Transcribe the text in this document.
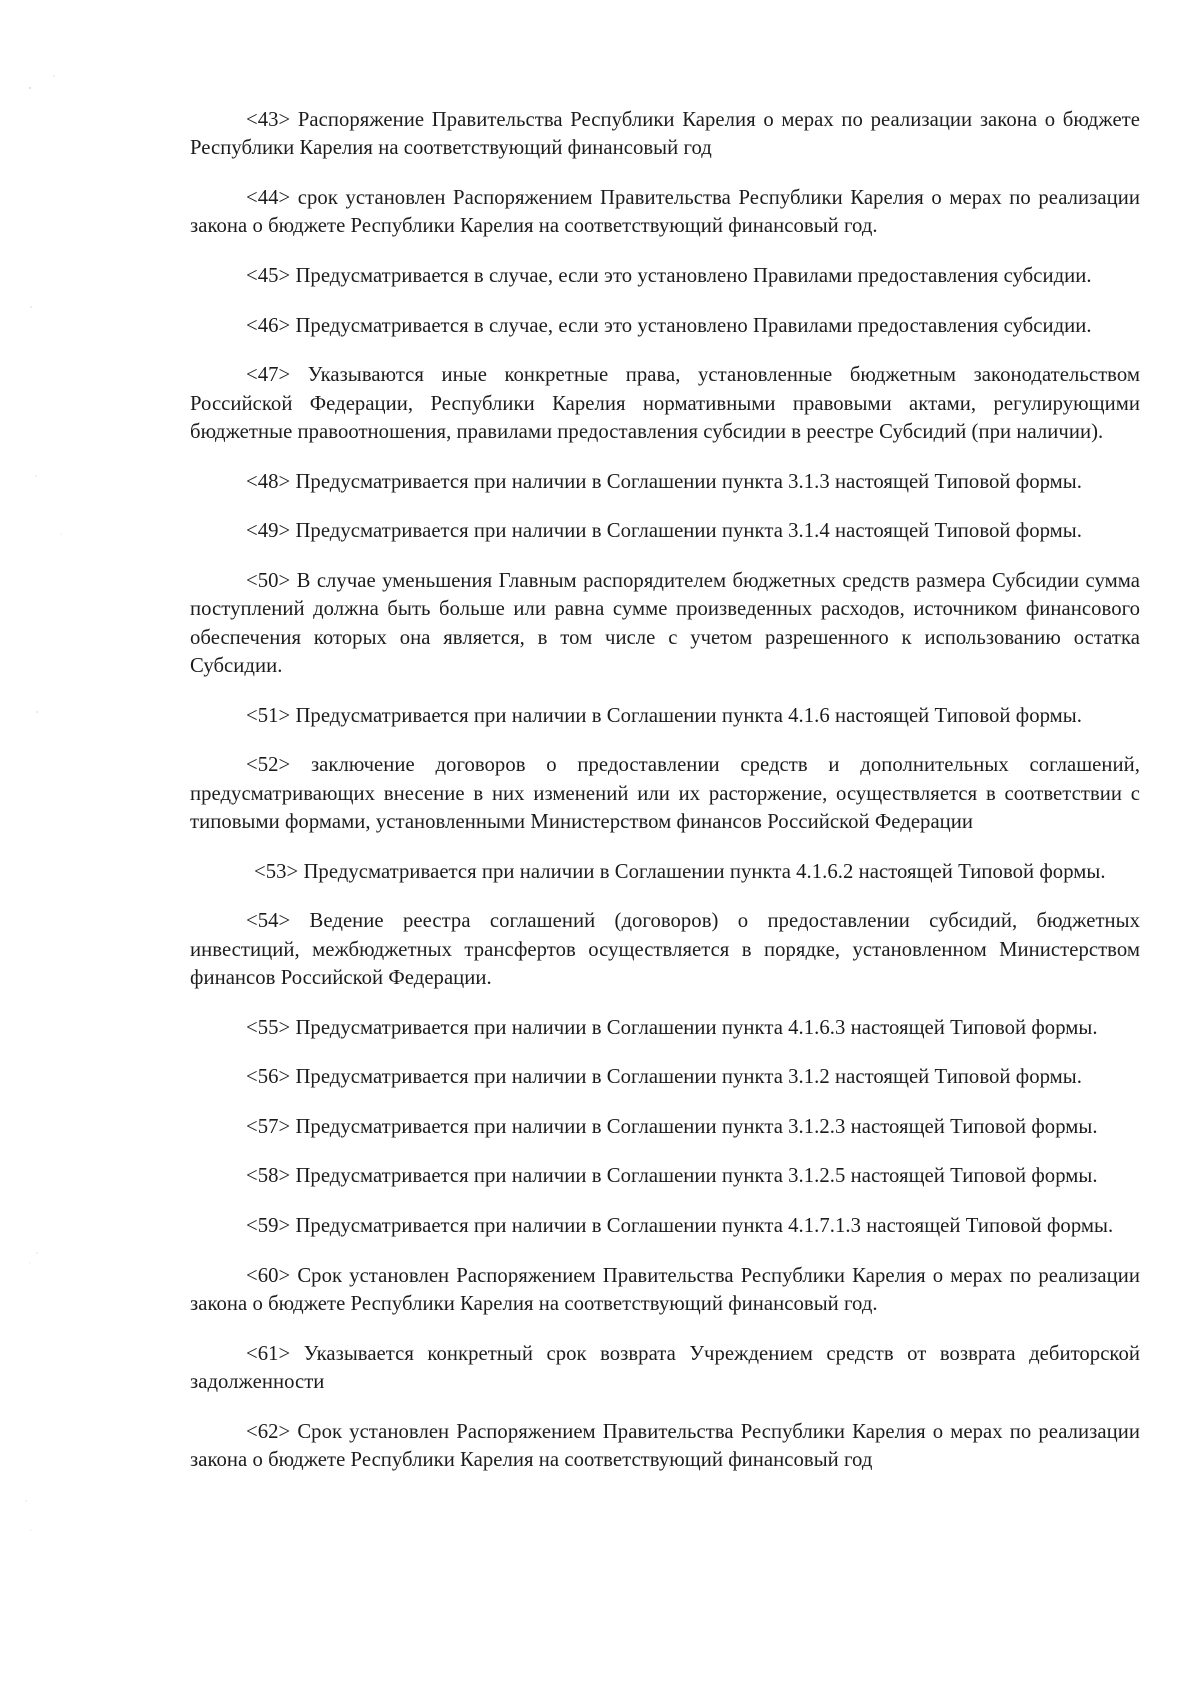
<43> Распоряжение Правительства Республики Карелия о мерах по реализации закона о бюджете Республики Карелия на соответствующий финансовый год

<44> срок установлен Распоряжением Правительства Республики Карелия о мерах по реализации закона о бюджете Республики Карелия на соответствующий финансовый год.

<45> Предусматривается в случае, если это установлено Правилами предоставления субсидии.

<46> Предусматривается в случае, если это установлено Правилами предоставления субсидии.

<47> Указываются иные конкретные права, установленные бюджетным законодательством Российской Федерации, Республики Карелия нормативными правовыми актами, регулирующими бюджетные правоотношения, правилами предоставления субсидии в реестре Субсидий (при наличии).

<48> Предусматривается при наличии в Соглашении пункта 3.1.3 настоящей Типовой формы.

<49> Предусматривается при наличии в Соглашении пункта 3.1.4 настоящей Типовой формы.

<50> В случае уменьшения Главным распорядителем бюджетных средств размера Субсидии сумма поступлений должна быть больше или равна сумме произведенных расходов, источником финансового обеспечения которых она является, в том числе с учетом разрешенного к использованию остатка Субсидии.

<51> Предусматривается при наличии в Соглашении пункта 4.1.6 настоящей Типовой формы.

<52> заключение договоров о предоставлении средств и дополнительных соглашений, предусматривающих внесение в них изменений или их расторжение, осуществляется в соответствии с типовыми формами, установленными Министерством финансов Российской Федерации

<53> Предусматривается при наличии в Соглашении пункта 4.1.6.2 настоящей Типовой формы.

<54> Ведение реестра соглашений (договоров) о предоставлении субсидий, бюджетных инвестиций, межбюджетных трансфертов осуществляется в порядке, установленном Министерством финансов Российской Федерации.

<55> Предусматривается при наличии в Соглашении пункта 4.1.6.3 настоящей Типовой формы.

<56> Предусматривается при наличии в Соглашении пункта 3.1.2 настоящей Типовой формы.

<57> Предусматривается при наличии в Соглашении пункта 3.1.2.3 настоящей Типовой формы.

<58> Предусматривается при наличии в Соглашении пункта 3.1.2.5 настоящей Типовой формы.

<59> Предусматривается при наличии в Соглашении пункта 4.1.7.1.3 настоящей Типовой формы.

<60> Срок установлен Распоряжением Правительства Республики Карелия о мерах по реализации закона о бюджете Республики Карелия на соответствующий финансовый год.

<61> Указывается конкретный срок возврата Учреждением средств от возврата дебиторской задолженности

<62> Срок установлен Распоряжением Правительства Республики Карелия о мерах по реализации закона о бюджете Республики Карелия на соответствующий финансовый год
